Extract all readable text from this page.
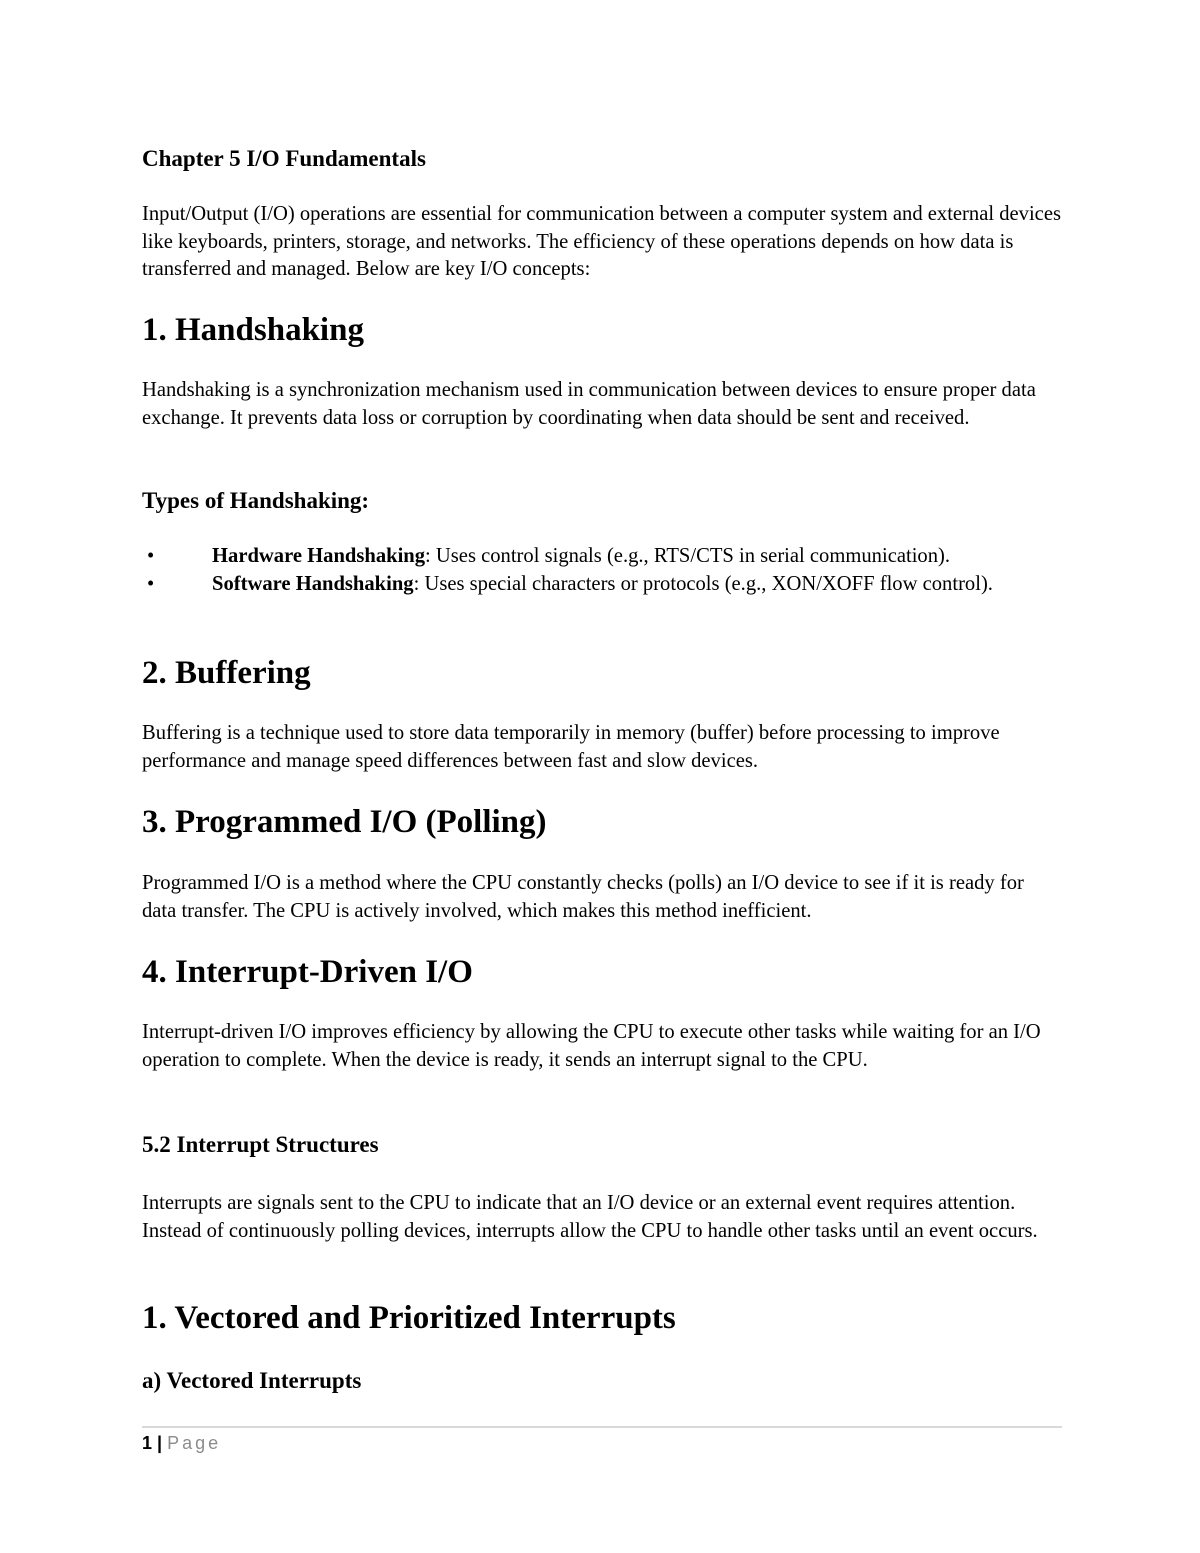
Chapter 5 I/O Fundamentals

Input/Output (I/O) operations are essential for communication between a computer system and external devices like keyboards, printers, storage, and networks. The efficiency of these operations depends on how data is transferred and managed. Below are key I/O concepts:

1. Handshaking

Handshaking is a synchronization mechanism used in communication between devices to ensure proper data exchange. It prevents data loss or corruption by coordinating when data should be sent and received.

Types of Handshaking:
•	Hardware Handshaking: Uses control signals (e.g., RTS/CTS in serial communication).
•	Software Handshaking: Uses special characters or protocols (e.g., XON/XOFF flow control).
2. Buffering

Buffering is a technique used to store data temporarily in memory (buffer) before processing to improve performance and manage speed differences between fast and slow devices.

3. Programmed I/O (Polling)

Programmed I/O is a method where the CPU constantly checks (polls) an I/O device to see if it is ready for data transfer. The CPU is actively involved, which makes this method inefficient.

4. Interrupt-Driven I/O

Interrupt-driven I/O improves efficiency by allowing the CPU to execute other tasks while waiting for an I/O operation to complete. When the device is ready, it sends an interrupt signal to the CPU.

5.2 Interrupt Structures

Interrupts are signals sent to the CPU to indicate that an I/O device or an external event requires attention. Instead of continuously polling devices, interrupts allow the CPU to handle other tasks until an event occurs.

1. Vectored and Prioritized Interrupts
a) Vectored Interrupts
1 | Page
